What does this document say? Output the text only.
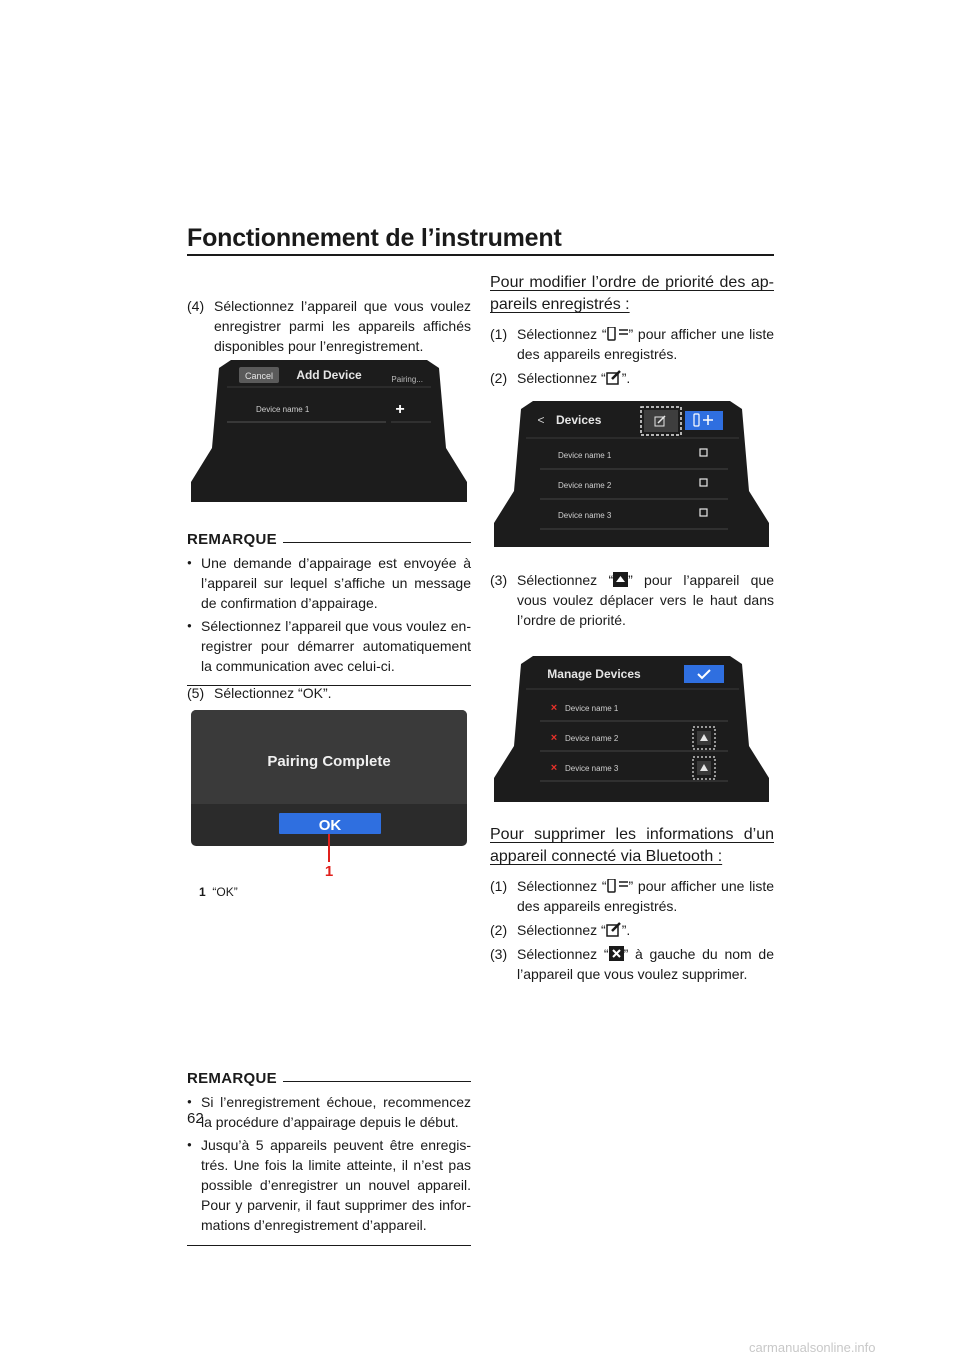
Fonctionnement de l’instrument
(4) Sélectionnez l’appareil que vous voulez enregistrer parmi les appareils affichés disponibles pour l’enregistrement.
Cancel Add Device	Pairing...
Device name 1	+
REMARQUE
● Une demande d’appairage est envoyée à l’appareil sur lequel s’affiche un message de confirmation d’appairage.
● Sélectionnez l’appareil que vous voulez en-registrer pour démarrer automatiquement la communication avec celui-ci.
(5) Sélectionnez “OK”.
Pairing Complete
OK
1
1 “OK”
REMARQUE
● Si l’enregistrement échoue, recommencez la procédure d’appairage depuis le début.
● Jusqu’à 5 appareils peuvent être enregis-trés. Une fois la limite atteinte, il n’est pas possible d’enregistrer un nouvel appareil. Pour y parvenir, il faut supprimer des infor-mations d’enregistrement d’appareil.
Pour modifier l’ordre de priorité des ap-pareils enregistrés :
(1) Sélectionnez “ ” pour afficher une liste des appareils enregistrés.
(2) Sélectionnez “ ”.
< Devices
Device name 1
Device name 2
Device name 3
(3) Sélectionnez “ ” pour l’appareil que vous voulez déplacer vers le haut dans l’ordre de priorité.
Manage Devices
× Device name 1
× Device name 2
× Device name 3
Pour supprimer les informations d’un appareil connecté via Bluetooth :
(1) Sélectionnez “ ” pour afficher une liste des appareils enregistrés.
(2) Sélectionnez “ ”.
(3) Sélectionnez “ ” à gauche du nom de l’appareil que vous voulez supprimer.
62
carmanualsonline.info
